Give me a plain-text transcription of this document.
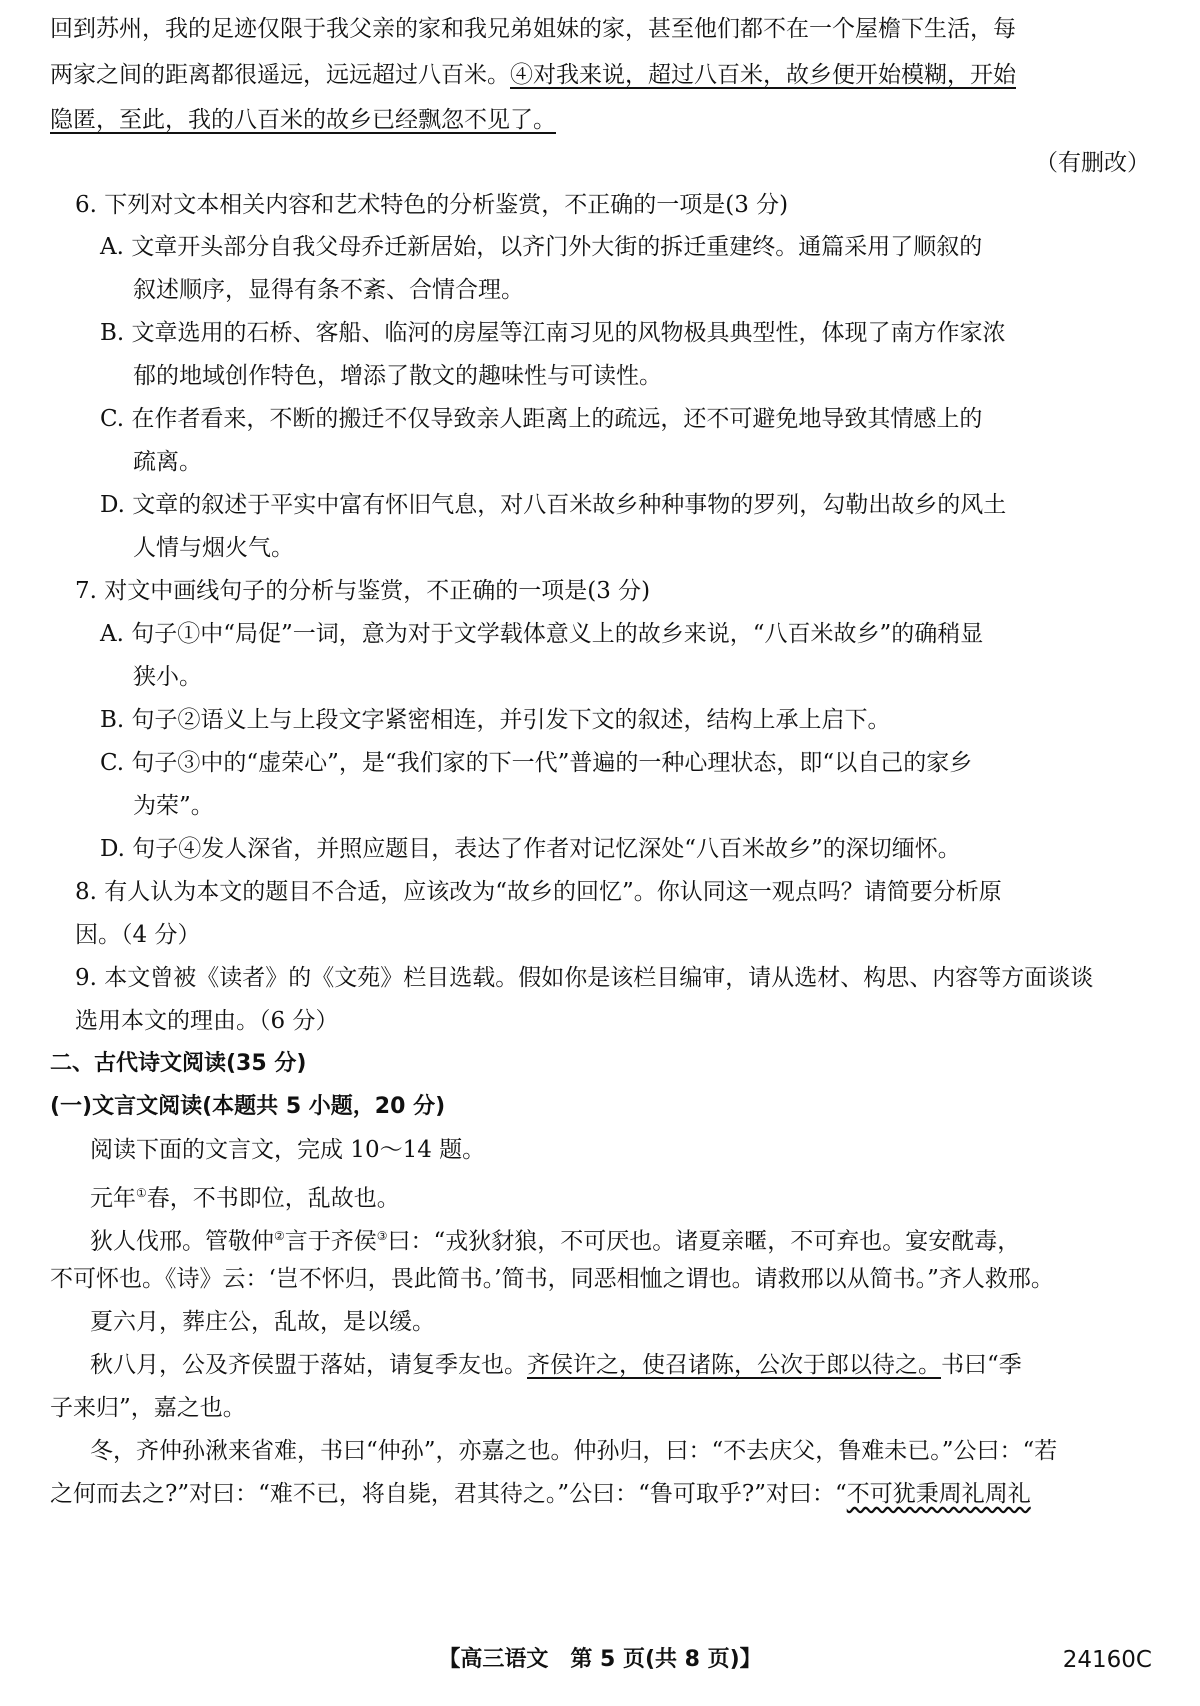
回到苏州，我的足迹仅限于我父亲的家和我兄弟姐妹的家，甚至他们都不在一个屋檐下生活，每
两家之间的距离都很遥远，远远超过八百米。④对我来说，超过八百米，故乡便开始模糊，开始
隐匿，至此，我的八百米的故乡已经飘忽不见了。
（有删改）
6. 下列对文本相关内容和艺术特色的分析鉴赏，不正确的一项是(3 分)
A. 文章开头部分自我父母乔迁新居始，以齐门外大街的拆迁重建终。通篇采用了顺叙的
叙述顺序，显得有条不紊、合情合理。
B. 文章选用的石桥、客船、临河的房屋等江南习见的风物极具典型性，体现了南方作家浓
郁的地域创作特色，增添了散文的趣味性与可读性。
C. 在作者看来，不断的搬迁不仅导致亲人距离上的疏远，还不可避免地导致其情感上的
疏离。
D. 文章的叙述于平实中富有怀旧气息，对八百米故乡种种事物的罗列，勾勒出故乡的风土
人情与烟火气。
7. 对文中画线句子的分析与鉴赏，不正确的一项是(3 分)
A. 句子①中“局促”一词，意为对于文学载体意义上的故乡来说，“八百米故乡”的确稍显
狭小。
B. 句子②语义上与上段文字紧密相连，并引发下文的叙述，结构上承上启下。
C. 句子③中的“虚荣心”，是“我们家的下一代”普遍的一种心理状态，即“以自己的家乡
为荣”。
D. 句子④发人深省，并照应题目，表达了作者对记忆深处“八百米故乡”的深切缅怀。
8. 有人认为本文的题目不合适，应该改为“故乡的回忆”。你认同这一观点吗？请简要分析原
因。（4 分）
9. 本文曾被《读者》的《文苑》栏目选载。假如你是该栏目编审，请从选材、构思、内容等方面谈谈
选用本文的理由。（6 分）
二、古代诗文阅读(35 分)
(一)文言文阅读(本题共 5 小题，20 分)
阅读下面的文言文，完成 10～14 题。
元年①春，不书即位，乱故也。
狄人伐邢。管敬仲②言于齐侯③曰：“戎狄豺狼，不可厌也。诸夏亲暱，不可弃也。宴安酖毒，
不可怀也。《诗》云：‘岂不怀归，畏此简书。’简书，同恶相恤之谓也。请救邢以从简书。”齐人救邢。
夏六月，葬庄公，乱故，是以缓。
秋八月，公及齐侯盟于落姑，请复季友也。齐侯许之，使召诸陈，公次于郎以待之。书曰“季
子来归”，嘉之也。
冬，齐仲孙湫来省难，书曰“仲孙”，亦嘉之也。仲孙归，曰：“不去庆父，鲁难未已。”公曰：“若
之何而去之?”对曰：“难不已，将自毙，君其待之。”公曰：“鲁可取乎?”对曰：“不可犹秉周礼周礼
【高三语文　第 5 页(共 8 页)】	24160C
